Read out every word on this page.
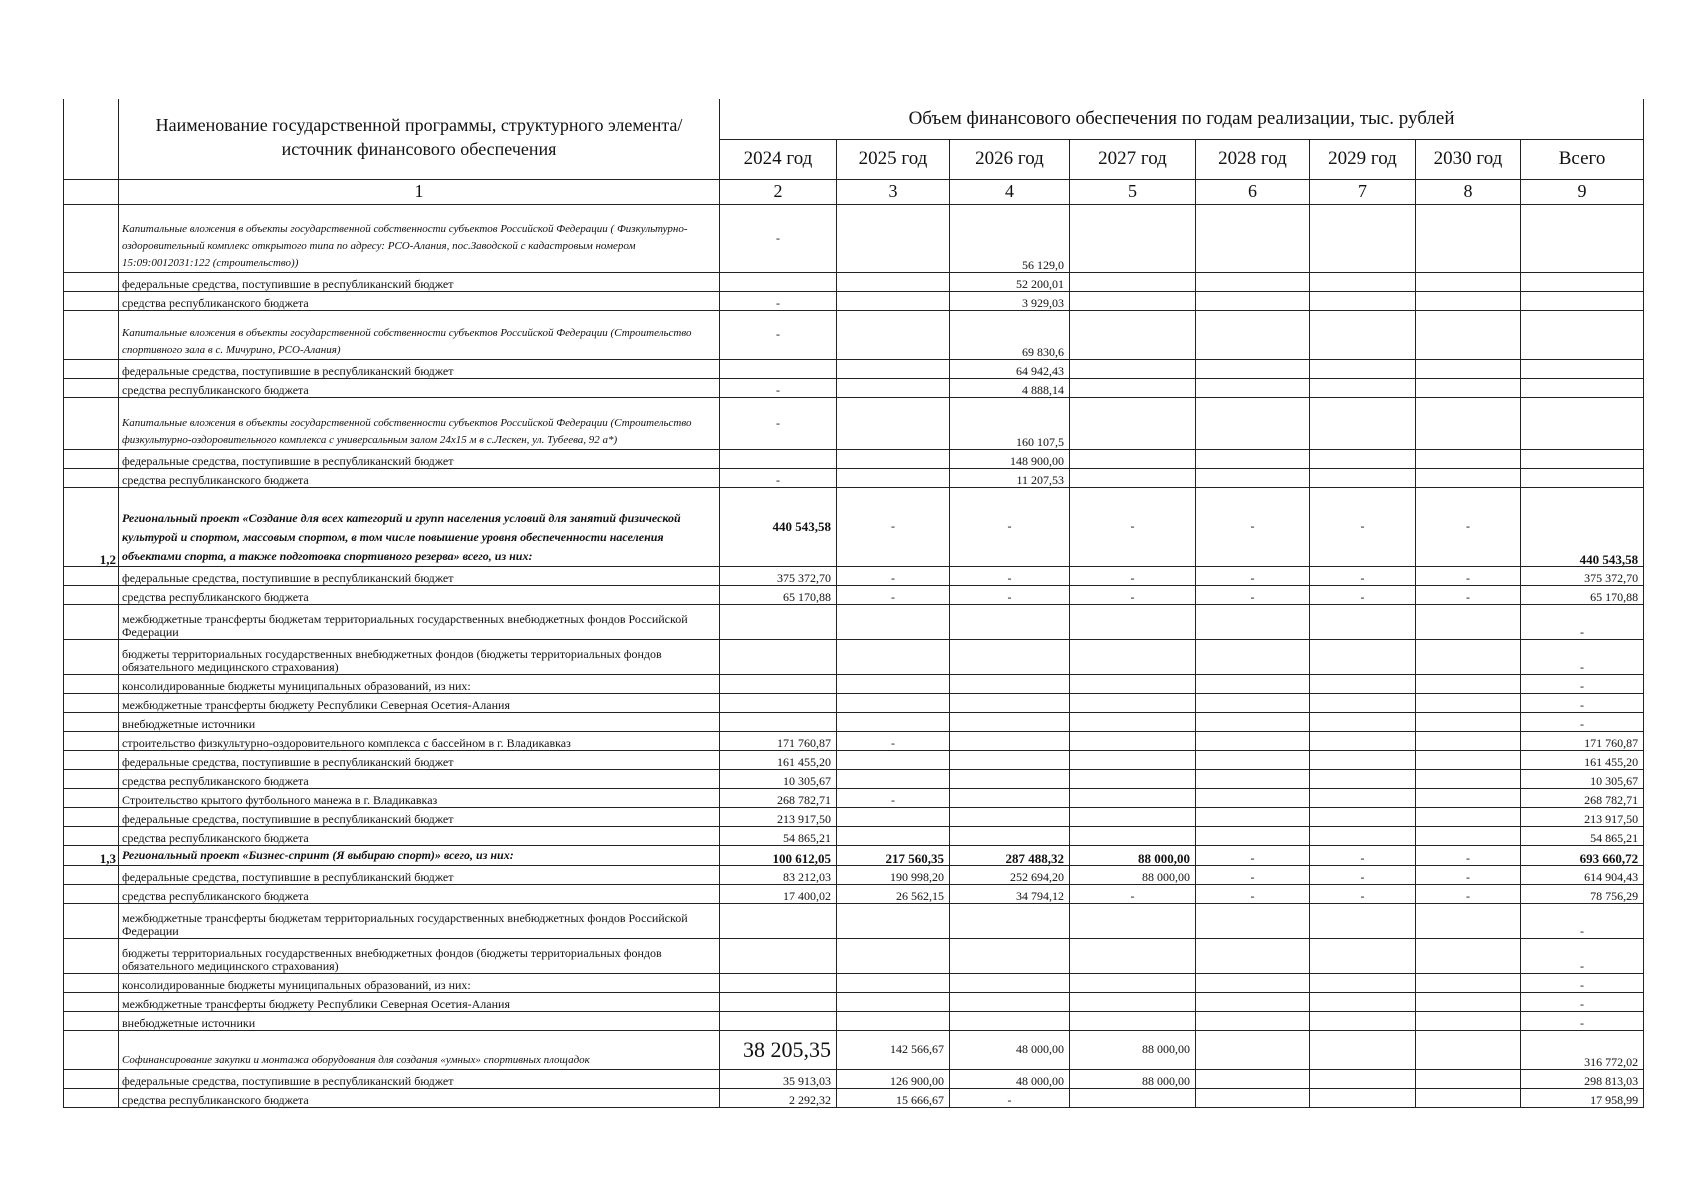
	Наименование государственной программы, структурного элемента/источник финансового обеспечения	Объем финансового обеспечения по годам реализации, тыс. рублей							
		2024 год	2025 год	2026 год	2027 год	2028 год	2029 год	2030 год	Всего
	1	2	3	4	5	6	7	8	9
	Капитальные вложения в объекты государственной собственности субъектов Российской Федерации ( Физкультурно-оздоровительный комплекс открытого типа по адресу: РСО-Алания, пос.Заводской с кадастровым номером 15:09:0012031:122 (строительство))	-		56 129,0					
	федеральные средства, поступившие в республиканский бюджет			52 200,01					
	средства республиканского бюджета	-		3 929,03					
	Капитальные вложения в объекты государственной собственности субъектов Российской Федерации (Строительство спортивного зала в с. Мичурино, РСО-Алания)	-		69 830,6					
	федеральные средства, поступившие в республиканский бюджет			64 942,43					
	средства республиканского бюджета	-		4 888,14					
	Капитальные вложения в объекты государственной собственности субъектов Российской Федерации (Строительство физкультурно-оздоровительного комплекса с универсальным залом 24x15 м в с.Лескен, ул. Тубеева, 92 а*)	-		160 107,5					
	федеральные средства, поступившие в республиканский бюджет			148 900,00					
	средства республиканского бюджета	-		11 207,53					
1,2	Региональный проект «Создание для всех категорий и групп населения условий для занятий физической культурой и спортом, массовым спортом, в том числе повышение уровня обеспеченности населения объектами спорта, а также подготовка спортивного резерва» всего, из них:	440 543,58	-	-	-	-	-	-	440 543,58
	федеральные средства, поступившие в республиканский бюджет	375 372,70	-	-	-	-	-	-	375 372,70
	средства республиканского бюджета	65 170,88	-	-	-	-	-	-	65 170,88
	межбюджетные трансферты бюджетам территориальных государственных внебюджетных фондов Российской Федерации								-
	бюджеты территориальных государственных внебюджетных фондов (бюджеты территориальных фондов обязательного медицинского страхования)								-
	консолидированные бюджеты муниципальных образований, из них:								-
	межбюджетные трансферты бюджету Республики Северная Осетия-Алания								-
	внебюджетные источники								-
	строительство физкультурно-оздоровительного комплекса с бассейном в г. Владикавказ	171 760,87	-						171 760,87
	федеральные средства, поступившие в республиканский бюджет	161 455,20							161 455,20
	средства республиканского бюджета	10 305,67							10 305,67
	Строительство крытого футбольного манежа в г. Владикавказ	268 782,71	-						268 782,71
	федеральные средства, поступившие в республиканский бюджет	213 917,50							213 917,50
	средства республиканского бюджета	54 865,21							54 865,21
1,3	Региональный проект «Бизнес-спринт (Я выбираю спорт)» всего, из них:	100 612,05	217 560,35	287 488,32	88 000,00	-	-	-	693 660,72
	федеральные средства, поступившие в республиканский бюджет	83 212,03	190 998,20	252 694,20	88 000,00	-	-	-	614 904,43
	средства республиканского бюджета	17 400,02	26 562,15	34 794,12	-	-	-	-	78 756,29
	межбюджетные трансферты бюджетам территориальных государственных внебюджетных фондов Российской Федерации								-
	бюджеты территориальных государственных внебюджетных фондов (бюджеты территориальных фондов обязательного медицинского страхования)								-
	консолидированные бюджеты муниципальных образований, из них:								-
	межбюджетные трансферты бюджету Республики Северная Осетия-Алания								-
	внебюджетные источники								-
	Софинансирование закупки и монтажа оборудования для создания «умных» спортивных площадок	38 205,35	142 566,67	48 000,00	88 000,00				316 772,02
	федеральные средства, поступившие в республиканский бюджет	35 913,03	126 900,00	48 000,00	88 000,00				298 813,03
	средства республиканского бюджета	2 292,32	15 666,67	-					17 958,99
